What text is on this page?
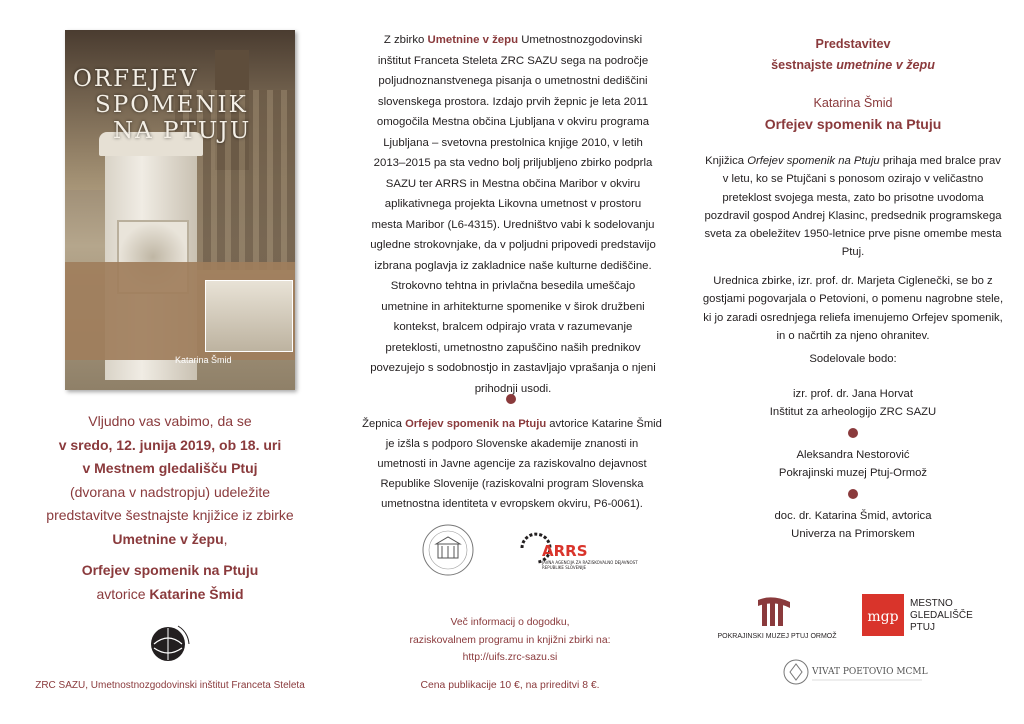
ORFEJEV
SPOMENIK
NA PTUJU
Katarina Šmid
Vljudno vas vabimo, da se
v sredo, 12. junija 2019, ob 18. uri
v Mestnem gledališču Ptuj
(dvorana v nadstropju) udeležite
predstavitve šestnajste knjižice iz zbirke
Umetnine v žepu,
Orfejev spomenik na Ptuju
avtorice Katarine Šmid
ZRC SAZU, Umetnostnozgodovinski inštitut Franceta Steleta
Z zbirko Umetnine v žepu Umetnostnozgodovinski inštitut Franceta Steleta ZRC SAZU sega na področje poljudnoznanstvenega pisanja o umetnostni dediščini slovenskega prostora. Izdajo prvih žepnic je leta 2011 omogočila Mestna občina Ljubljana v okviru programa Ljubljana – svetovna prestolnica knjige 2010, v letih 2013–2015 pa sta vedno bolj priljubljeno zbirko podprla SAZU ter ARRS in Mestna občina Maribor v okviru aplikativnega projekta Likovna umetnost v prostoru mesta Maribor (L6-4315). Uredništvo vabi k sodelovanju ugledne strokovnjake, da v poljudni pripovedi predstavijo izbrana poglavja iz zakladnice naše kulturne dediščine. Strokovno tehtna in privlačna besedila umeščajo umetnine in arhitekturne spomenike v širok družbeni kontekst, bralcem odpirajo vrata v razumevanje preteklosti, umetnostno zapuščino naših prednikov povezujejo s sodobnostjo in zastavljajo vprašanja o njeni prihodnji usodi.
Žepnica Orfejev spomenik na Ptuju avtorice Katarine Šmid je izšla s podporo Slovenske akademije znanosti in umetnosti in Javne agencije za raziskovalno dejavnost Republike Slovenije (raziskovalni program Slovenska umetnostna identiteta v evropskem okviru, P6-0061).
ARRS
JAVNA AGENCIJA ZA RAZISKOVALNO DEJAVNOST
REPUBLIKE SLOVENIJE
Več informacij o dogodku,
raziskovalnem programu in knjižni zbirki na:
http://uifs.zrc-sazu.si
Cena publikacije 10 €, na prireditvi 8 €.
Predstavitev
šestnajste umetnine v žepu
Katarina Šmid
Orfejev spomenik na Ptuju
Knjižica Orfejev spomenik na Ptuju prihaja med bralce prav v letu, ko se Ptujčani s ponosom ozirajo v veličastno preteklost svojega mesta, zato bo prisotne uvodoma pozdravil gospod Andrej Klasinc, predsednik programskega sveta za obeležitev 1950-letnice prve pisne omembe mesta Ptuj.
Urednica zbirke, izr. prof. dr. Marjeta Ciglenečki, se bo z gostjami pogovarjala o Petovioni, o pomenu nagrobne stele, ki jo zaradi osrednjega reliefa imenujemo Orfejev spomenik, in o načrtih za njeno ohranitev.
Sodelovale bodo:
izr. prof. dr. Jana Horvat
Inštitut za arheologijo ZRC SAZU
Aleksandra Nestorović
Pokrajinski muzej Ptuj-Ormož
doc. dr. Katarina Šmid, avtorica
Univerza na Primorskem
POKRAJINSKI MUZEJ PTUJ ORMOŽ
mgp
MESTNO
GLEDALIŠČE
PTUJ
VIVAT POETOVIO MCML
